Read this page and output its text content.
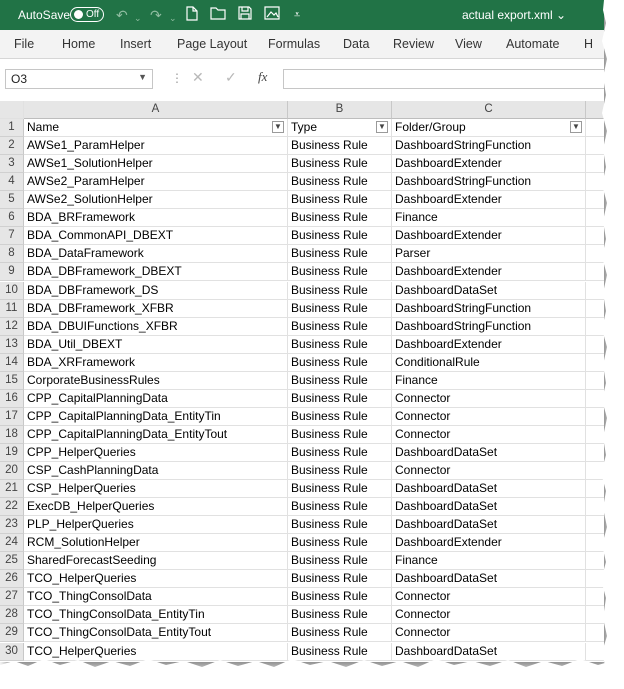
AutoSave Off ↶ ⌄ ↷ ⌄	⩡	actual export.xml ⌄
File Home Insert Page Layout Formulas Data Review View Automate H
O3	▼ ⋮ ✕ ✓ fx
A	B	C
1	Name	▼ Type	▼ Folder/Group	▼
2	AWSe1_ParamHelper	Business Rule	DashboardStringFunction
3	AWSe1_SolutionHelper	Business Rule	DashboardExtender
4	AWSe2_ParamHelper	Business Rule	DashboardStringFunction
5	AWSe2_SolutionHelper	Business Rule	DashboardExtender
6	BDA_BRFramework	Business Rule	Finance
7	BDA_CommonAPI_DBEXT	Business Rule	DashboardExtender
8	BDA_DataFramework	Business Rule	Parser
9	BDA_DBFramework_DBEXT	Business Rule	DashboardExtender
10 BDA_DBFramework_DS	Business Rule	DashboardDataSet
11 BDA_DBFramework_XFBR	Business Rule	DashboardStringFunction
12 BDA_DBUIFunctions_XFBR	Business Rule	DashboardStringFunction
13 BDA_Util_DBEXT	Business Rule	DashboardExtender
14 BDA_XRFramework	Business Rule	ConditionalRule
15 CorporateBusinessRules	Business Rule	Finance
16 CPP_CapitalPlanningData	Business Rule	Connector
17 CPP_CapitalPlanningData_EntityTin	Business Rule	Connector
18 CPP_CapitalPlanningData_EntityTout	Business Rule	Connector
19 CPP_HelperQueries	Business Rule	DashboardDataSet
20 CSP_CashPlanningData	Business Rule	Connector
21 CSP_HelperQueries	Business Rule	DashboardDataSet
22 ExecDB_HelperQueries	Business Rule	DashboardDataSet
23 PLP_HelperQueries	Business Rule	DashboardDataSet
24 RCM_SolutionHelper	Business Rule	DashboardExtender
25 SharedForecastSeeding	Business Rule	Finance
26 TCO_HelperQueries	Business Rule	DashboardDataSet
27 TCO_ThingConsolData	Business Rule	Connector
28 TCO_ThingConsolData_EntityTin	Business Rule	Connector
29 TCO_ThingConsolData_EntityTout	Business Rule	Connector
30 TCO_HelperQueries	Business Rule	DashboardDataSet
